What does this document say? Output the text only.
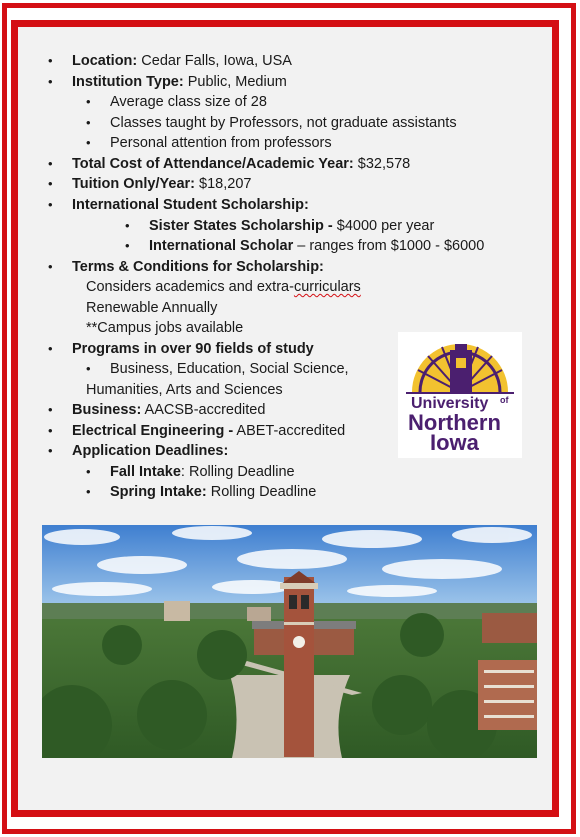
• Location: Cedar Falls, Iowa, USA
• Institution Type: Public, Medium
• Average class size of 28
• Classes taught by Professors, not graduate assistants
• Personal attention from professors
• Total Cost of Attendance/Academic Year: $32,578
• Tuition Only/Year: $18,207
• International Student Scholarship:
• Sister States Scholarship - $4000 per year
• International Scholar – ranges from $1000 - $6000
• Terms & Conditions for Scholarship:
Considers academics and extra-curriculars
Renewable Annually
**Campus jobs available
• Programs in over 90 fields of study
• Business, Education, Social Science,
Humanities, Arts and Sciences
• Business: AACSB-accredited
• Electrical Engineering - ABET-accredited
• Application Deadlines:
• Fall Intake: Rolling Deadline
• Spring Intake: Rolling Deadline
University of
Northern
Iowa
